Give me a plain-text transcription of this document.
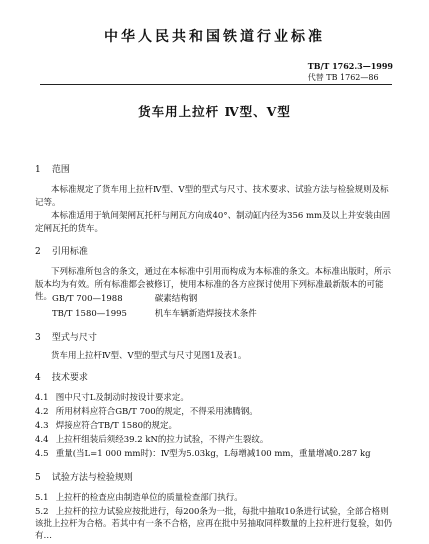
中华人民共和国铁道行业标准
TB/T 1762.3—1999
代替 TB 1762—86
货车用上拉杆 Ⅳ型、Ⅴ型
1 范围
本标准规定了货车用上拉杆Ⅳ型、Ⅴ型的型式与尺寸、技术要求、试验方法与检验规则及标记等。
本标准适用于轨间架闸瓦托杆与闸瓦方向成40°、制动缸内径为356 mm及以上并安装由固定闸瓦托的货车。
2 引用标准
下列标准所包含的条文，通过在本标准中引用而构成为本标准的条文。本标准出版时，所示版本均为有效。所有标准都会被修订，使用本标准的各方应探讨使用下列标准最新版本的可能性。 GB/T 700—1988	碳素结构钢
TB/T 1580—1995	机车车辆新造焊接技术条件
3 型式与尺寸
货车用上拉杆Ⅳ型、Ⅴ型的型式与尺寸见图1及表1。
4 技术要求
4.1 图中尺寸L及制动时按设计要求定。
4.2 所用材料应符合GB/T 700的规定，不得采用沸腾钢。
4.3 焊接应符合TB/T 1580的规定。
4.4 上拉杆组装后须经39.2 kN的拉力试验，不得产生裂纹。
4.5 重量(当L=1 000 mm时)：Ⅳ型为5.03kg，L每增减100 mm，重量增减0.287 kg
5 试验方法与检验规则
5.1 上拉杆的检查应由制造单位的质量检查部门执行。
5.2 上拉杆的拉力试验应按批进行，每200条为一批，每批中抽取10条进行试验，全部合格则该批上拉杆为合格。若其中有一条不合格，应再在批中另抽取同样数量的上拉杆进行复验，如仍有…
